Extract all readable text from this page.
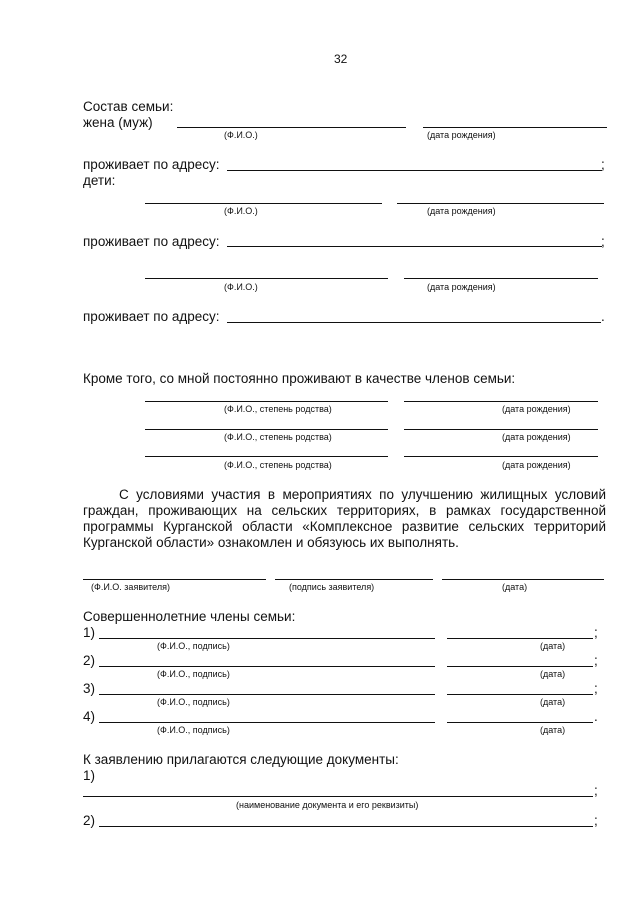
32
Состав семьи:
жена (муж)
(Ф.И.О.)	(дата рождения)
проживает по адресу:	;
дети:
(Ф.И.О.)	(дата рождения)
проживает по адресу:	;
(Ф.И.О.)	(дата рождения)
проживает по адресу:	.
Кроме того, со мной постоянно проживают в качестве членов семьи:
(Ф.И.О., степень родства)	(дата рождения)
(Ф.И.О., степень родства)	(дата рождения)
(Ф.И.О., степень родства)	(дата рождения)
С условиями участия в мероприятиях по улучшению жилищных условий граждан, проживающих на сельских территориях, в рамках государственной программы Курганской области «Комплексное развитие сельских территорий Курганской области» ознакомлен и обязуюсь их выполнять.
(Ф.И.О. заявителя)	(подпись заявителя)	(дата)
Совершеннолетние члены семьи:
1)	;
(Ф.И.О., подпись)	(дата)
2)	;
(Ф.И.О., подпись)	(дата)
3)	;
(Ф.И.О., подпись)	(дата)
4)	.
(Ф.И.О., подпись)	(дата)
К заявлению прилагаются следующие документы:
1)
;
(наименование документа и его реквизиты)
2)	;
